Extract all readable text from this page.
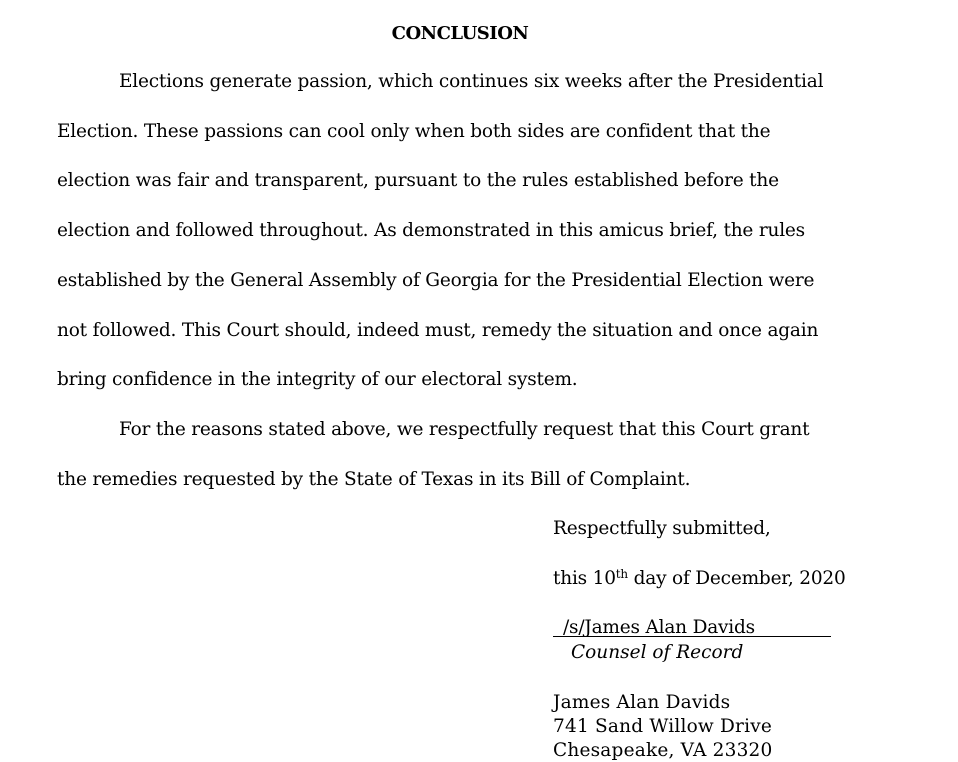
CONCLUSION
Elections generate passion, which continues six weeks after the Presidential
Election. These passions can cool only when both sides are confident that the
election was fair and transparent, pursuant to the rules established before the
election and followed throughout. As demonstrated in this amicus brief, the rules
established by the General Assembly of Georgia for the Presidential Election were
not followed. This Court should, indeed must, remedy the situation and once again
bring confidence in the integrity of our electoral system.
For the reasons stated above, we respectfully request that this Court grant
the remedies requested by the State of Texas in its Bill of Complaint.
Respectfully submitted,
this 10th day of December, 2020
/s/James Alan Davids
Counsel of Record
James Alan Davids
741 Sand Willow Drive
Chesapeake, VA 23320
